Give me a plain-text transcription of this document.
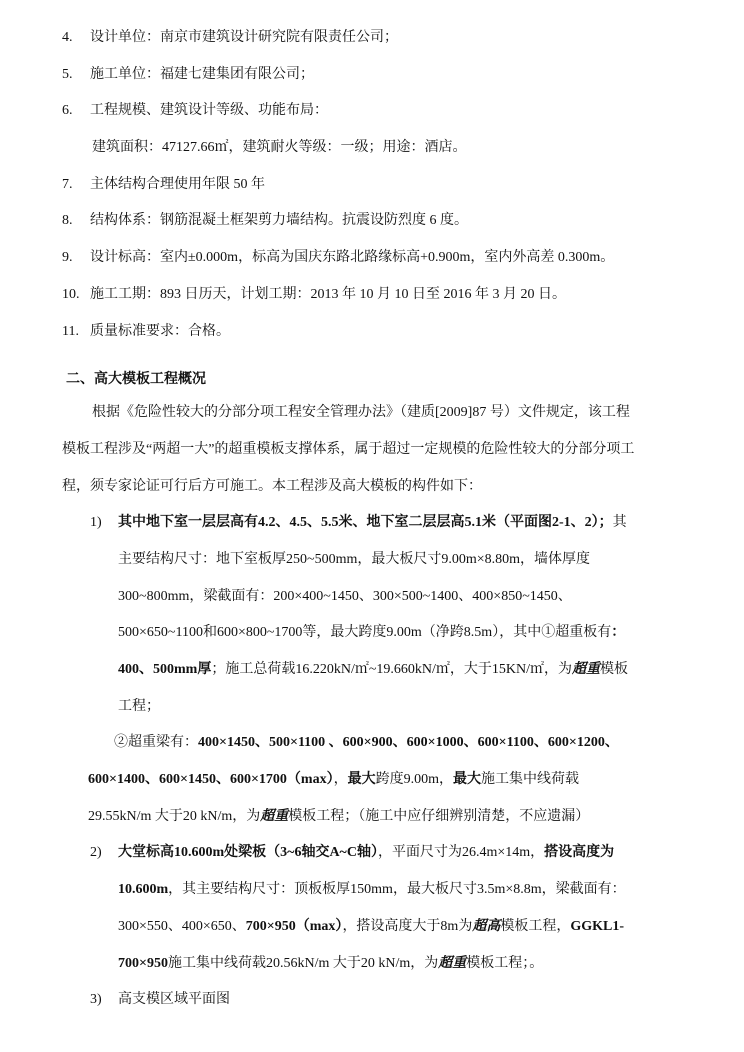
4. 设计单位：南京市建筑设计研究院有限责任公司；
5. 施工单位：福建七建集团有限公司；
6. 工程规模、建筑设计等级、功能布局：
建筑面积：47127.66㎡，建筑耐火等级：一级；用途：酒店。
7. 主体结构合理使用年限 50 年
8. 结构体系：钢筋混凝土框架剪力墙结构。抗震设防烈度 6 度。
9. 设计标高：室内±0.000m，标高为国庆东路北路缘标高+0.900m，室内外高差 0.300m。
10. 施工工期：893 日历天，计划工期：2013 年 10 月 10 日至 2016 年 3 月 20 日。
11. 质量标准要求：合格。
二、高大模板工程概况
根据《危险性较大的分部分项工程安全管理办法》（建质[2009]87 号）文件规定，该工程
模板工程涉及“两超一大”的超重模板支撑体系，属于超过一定规模的危险性较大的分部分项工
程，须专家论证可行后方可施工。本工程涉及高大模板的构件如下：
1) 其中地下室一层层高有4.2、4.5、5.5米、地下室二层层高5.1米（平面图2-1、2）；其
主要结构尺寸：地下室板厚250~500mm，最大板尺寸9.00m×8.80m，墙体厚度
300~800mm，梁截面有：200×400~1450、300×500~1400、400×850~1450、
500×650~1100和600×800~1700等，最大跨度9.00m（净跨8.5m），其中①超重板有：
400、500mm厚；施工总荷载16.220kN/㎡~19.660kN/㎡，大于15KN/㎡，为超重模板
工程；
②超重梁有：400×1450、500×1100 、600×900、600×1000、600×1100、600×1200、
600×1400、600×1450、600×1700（max），最大跨度9.00m，最大施工集中线荷载
29.55kN/m 大于20 kN/m，为超重模板工程；（施工中应仔细辨别清楚，不应遗漏）
2) 大堂标高10.600m处梁板（3~6轴交A~C轴），平面尺寸为26.4m×14m，搭设高度为
10.600m，其主要结构尺寸：顶板板厚150mm，最大板尺寸3.5m×8.8m，梁截面有：
300×550、400×650、700×950（max），搭设高度大于8m为超高模板工程，GGKL1-
700×950施工集中线荷载20.56kN/m 大于20 kN/m，为超重模板工程；。
3) 高支模区域平面图
